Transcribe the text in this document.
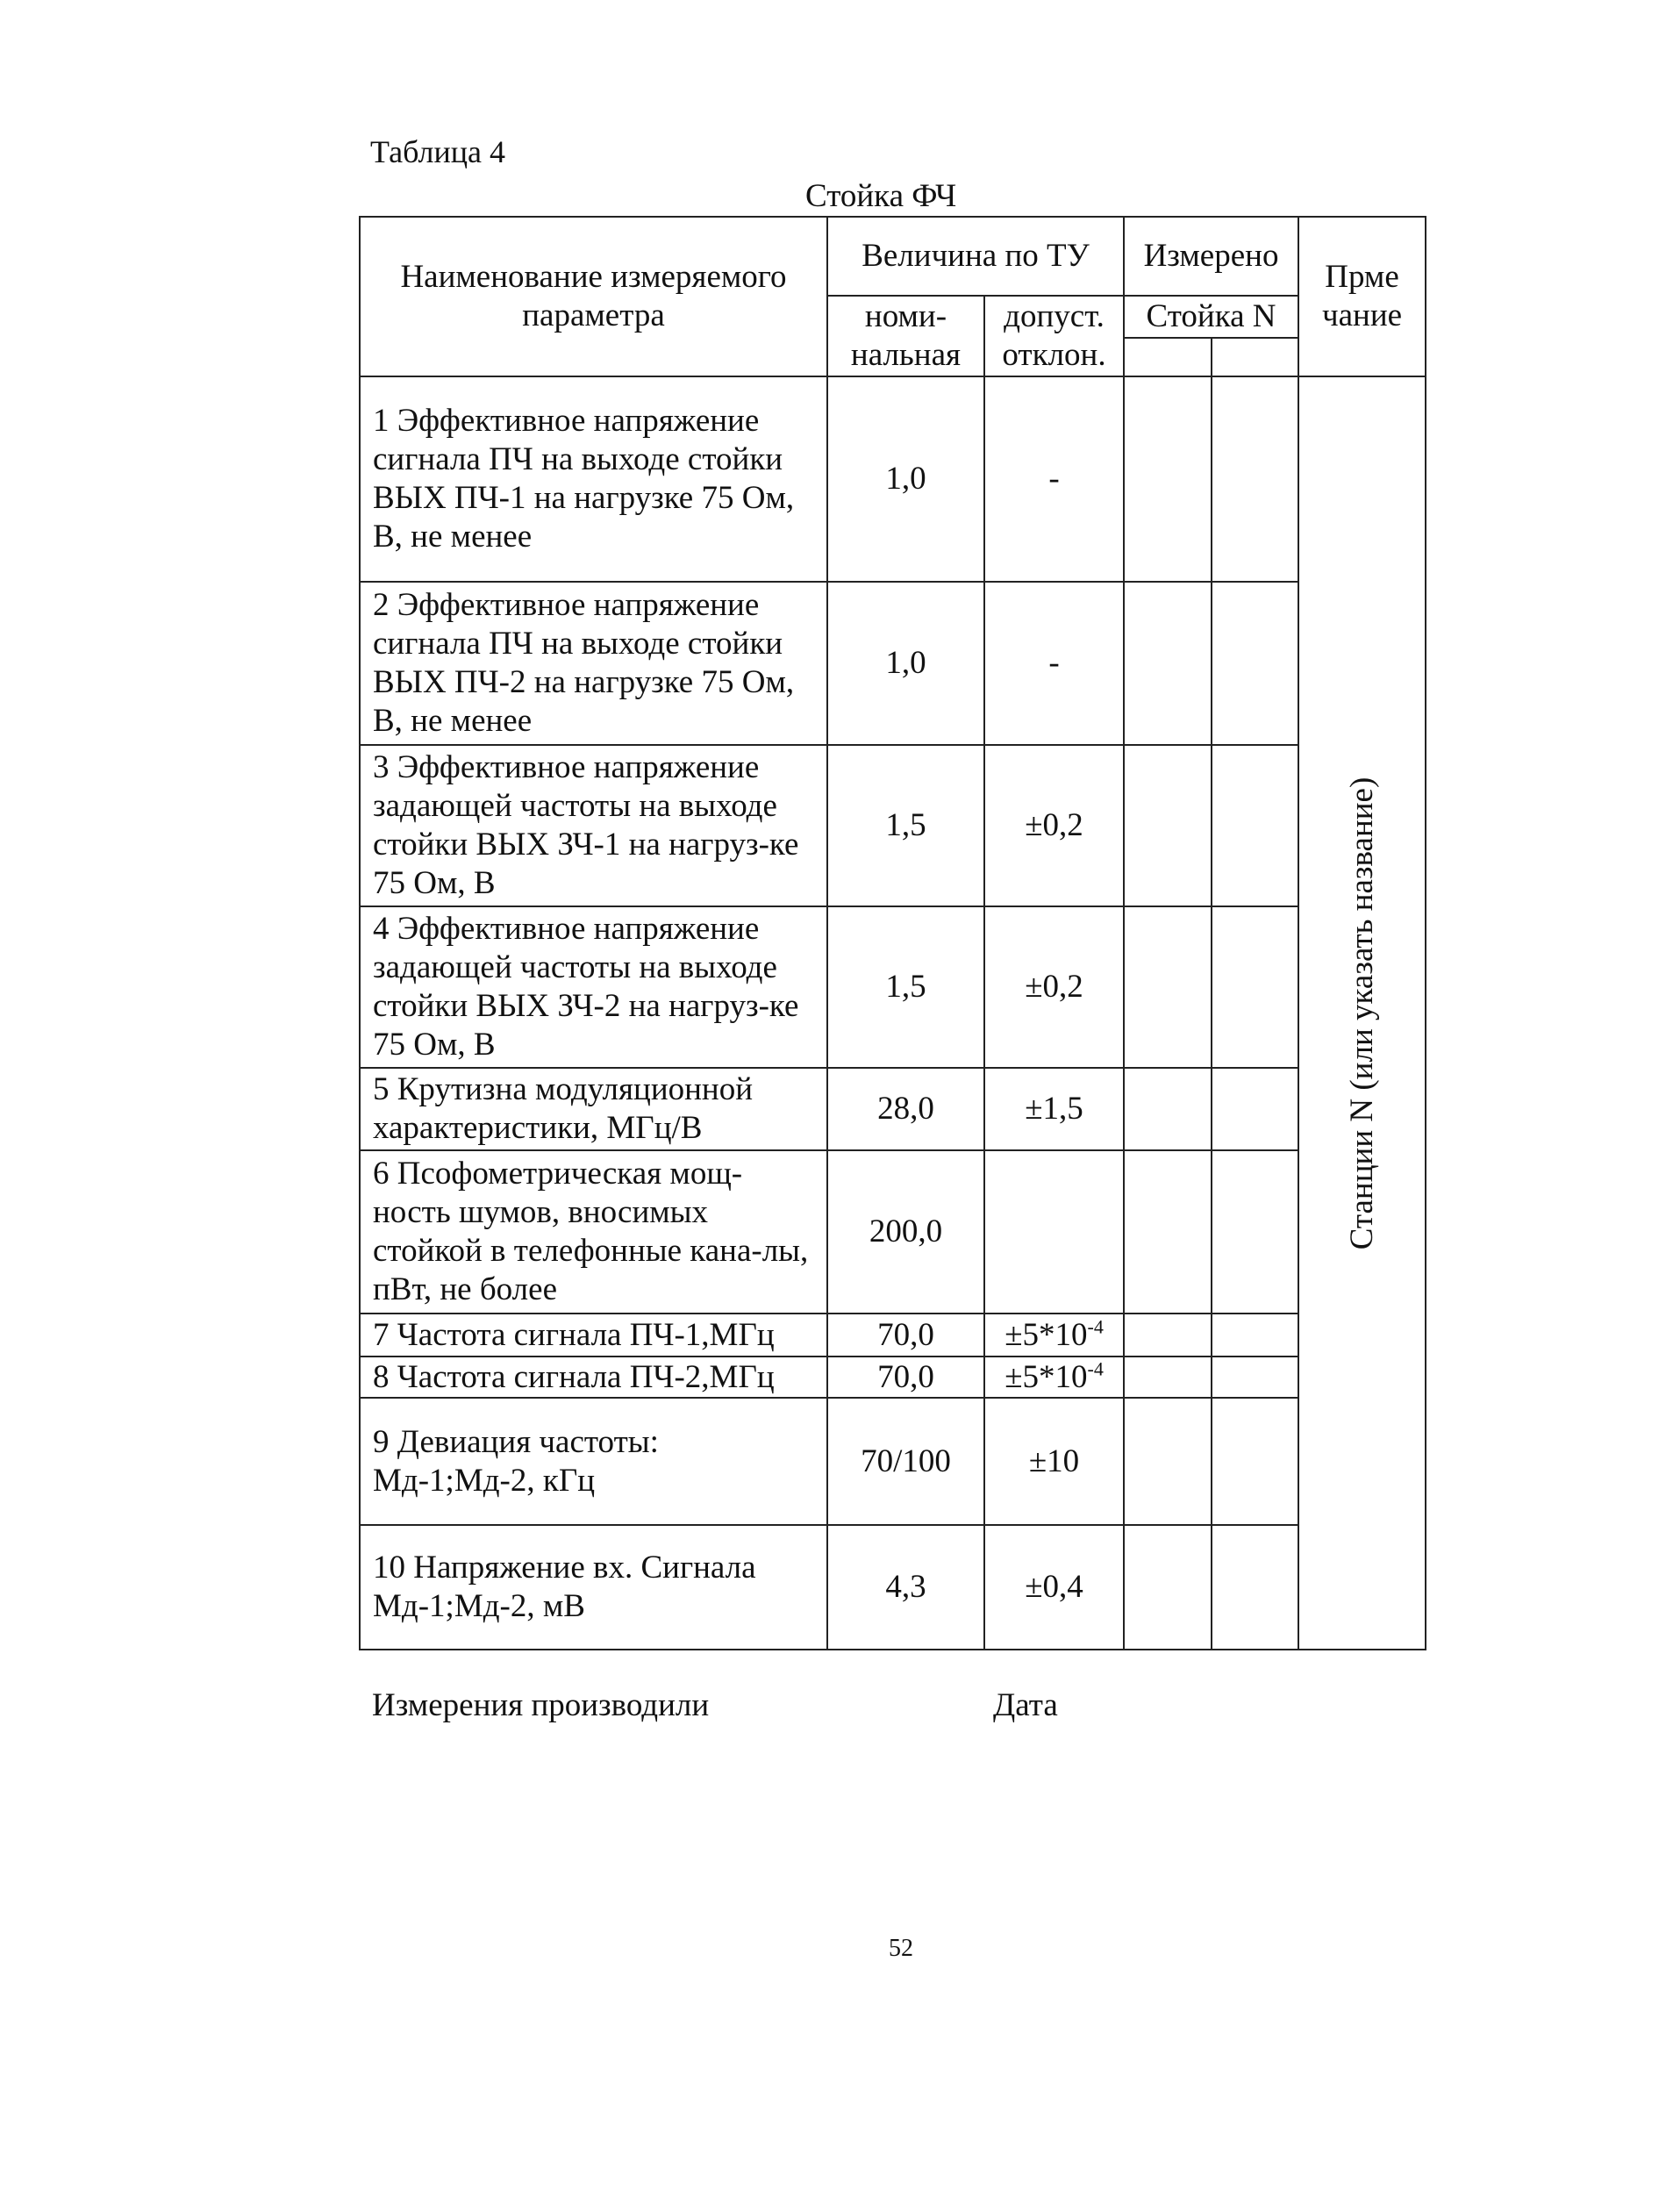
Таблица 4
Стойка ФЧ
Наименование измеряемого параметра	Величина по ТУ		Измерено		Прме чание
	номи-нальная	допуст. отклон.	Стойка N		

1 Эффективное напряжение сигнала ПЧ на выходе стойки ВЫХ ПЧ-1 на нагрузке 75 Ом, В, не менее	1,0	-			Станции N (или указать название)

2 Эффективное напряжение сигнала ПЧ на выходе стойки ВЫХ ПЧ-2 на нагрузке 75 Ом, В, не менее	1,0	-			
3 Эффективное напряжение задающей частоты на выходе стойки ВЫХ ЗЧ-1 на нагруз-ке 75 Ом, В	1,5	±0,2			
4 Эффективное напряжение задающей частоты на выходе стойки ВЫХ ЗЧ-2 на нагруз-ке 75 Ом, В	1,5	±0,2			
5 Крутизна модуляционной характеристики, МГц/В	28,0	±1,5			
6 Псофометрическая мощ-ность шумов, вносимых стойкой в телефонные кана-лы, пВт, не более	200,0				
7 Частота сигнала ПЧ-1,МГц	70,0	$\pm 5*10^{-4}$		
8 Частота сигнала ПЧ-2,МГц	70,0	$\pm 5*10^{-4}$		
9 Девиация частоты: Мд-1;Мд-2, кГц	70/100	±10			
10 Напряжение вх. Сигнала Мд-1;Мд-2, мВ	4,3	±0,4			
Измерения производили	Дата
52
